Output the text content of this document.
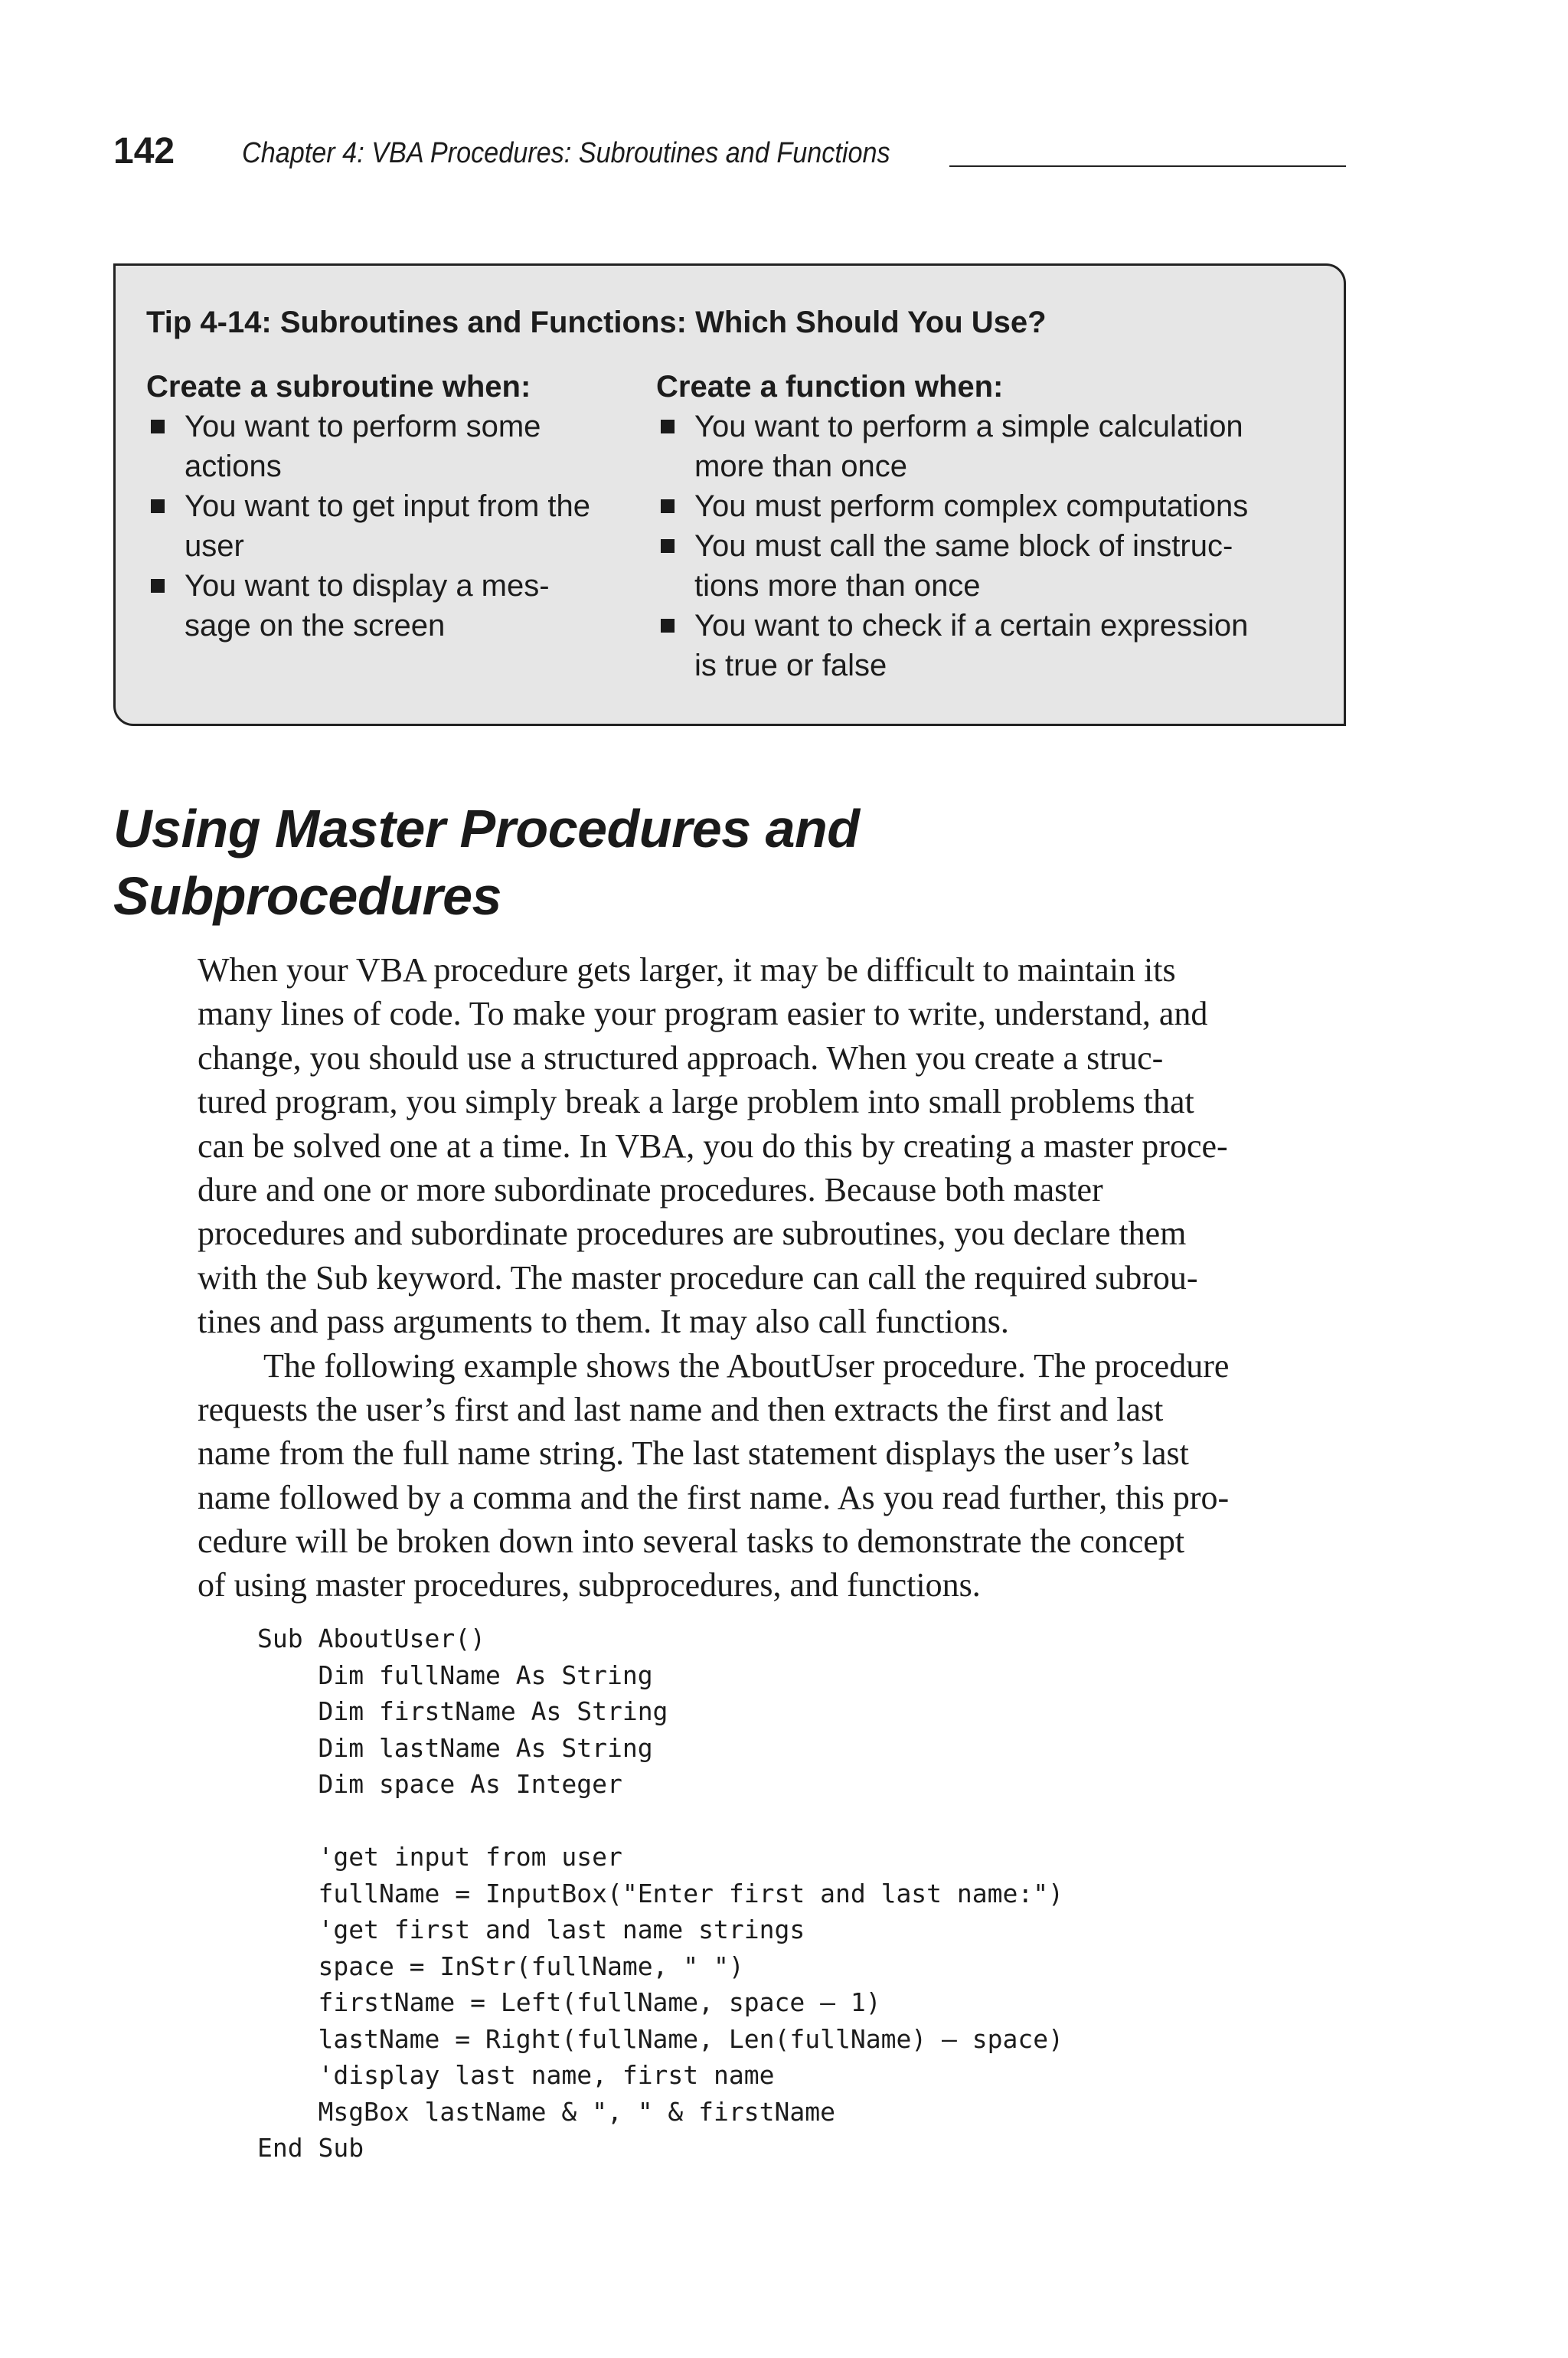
142 Chapter 4: VBA Procedures: Subroutines and Functions
Tip 4-14: Subroutines and Functions: Which Should You Use?

Create a subroutine when:

You want to perform some
actions
You want to get input from the
user
You want to display a mes-
sage on the screen

Create a function when:

You want to perform a simple calculation
more than once
You must perform complex computations
You must call the same block of instruc-
tions more than once
You want to check if a certain expression
is true or false
Using Master Procedures and
Subprocedures

When your VBA procedure gets larger, it may be difficult to maintain its
many lines of code. To make your program easier to write, understand, and
change, you should use a structured approach. When you create a struc-
tured program, you simply break a large problem into small problems that
can be solved one at a time. In VBA, you do this by creating a master proce-
dure and one or more subordinate procedures. Because both master
procedures and subordinate procedures are subroutines, you declare them
with the Sub keyword. The master procedure can call the required subrou-
tines and pass arguments to them. It may also call functions.

The following example shows the AboutUser procedure. The procedure
requests the user’s first and last name and then extracts the first and last
name from the full name string. The last statement displays the user’s last
name followed by a comma and the first name. As you read further, this pro-
cedure will be broken down into several tasks to demonstrate the concept
of using master procedures, subprocedures, and functions.

Sub AboutUser()
Dim fullName As String
Dim firstName As String
Dim lastName As String
Dim space As Integer
'get input from user
fullName = InputBox("Enter first and last name:")
'get first and last name strings
space = InStr(fullName, " ")
firstName = Left(fullName, space – 1)
lastName = Right(fullName, Len(fullName) – space)
'display last name, first name
MsgBox lastName & ", " & firstName
End Sub
